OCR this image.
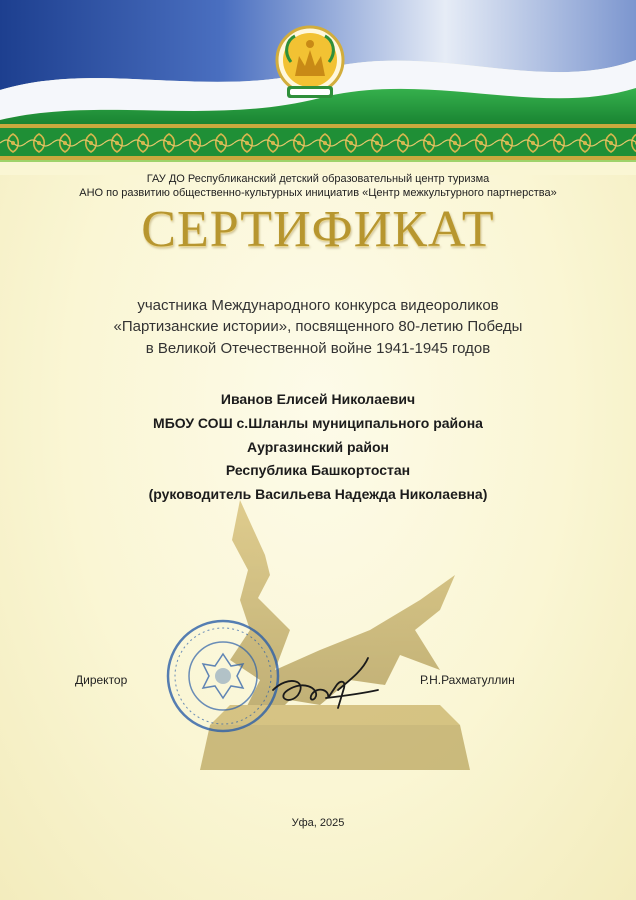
ГАУ ДО Республиканский детский образовательный центр туризма
АНО по развитию общественно-культурных инициатив «Центр межкультурного партнерства»
СЕРТИФИКАТ
участника Международного конкурса видеороликов
«Партизанские истории», посвященного 80-летию Победы
в Великой Отечественной войне 1941-1945 годов
Иванов Елисей Николаевич
МБОУ СОШ с.Шланлы муниципального района
Аургазинский район
Республика Башкортостан
(руководитель Васильева Надежда Николаевна)
Директор	Р.Н.Рахматуллин
Уфа, 2025
